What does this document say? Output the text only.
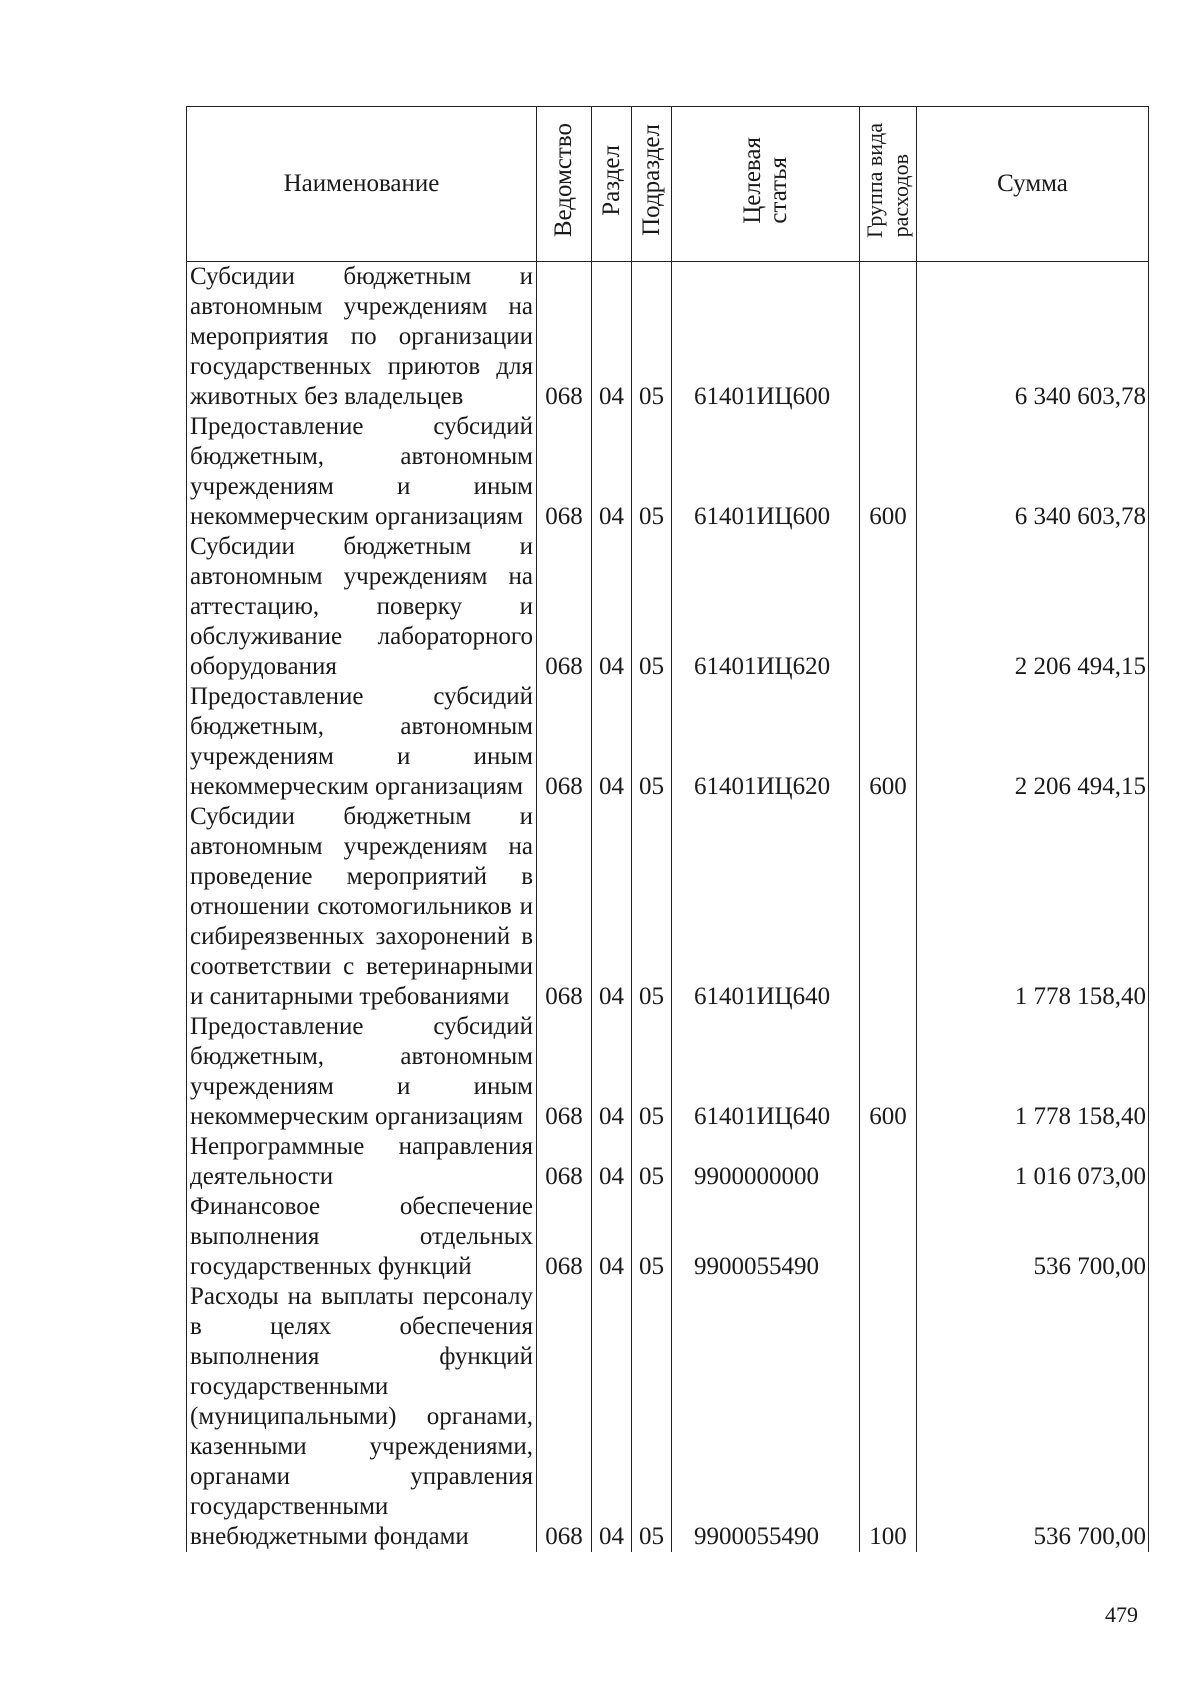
Наименование	Ведомство	Раздел	Подраздел	Целеваястатья	Группа видарасходов	Сумма
Субсидии бюджетным и автономным учреждениям на мероприятия по организации государственных приютов для животных без владельцев	068	04	05	61401ИЦ600		6 340 603,78
Предоставление субсидий бюджетным, автономным учреждениям и иным некоммерческим организациям	068	04	05	61401ИЦ600	600	6 340 603,78
Субсидии бюджетным и автономным учреждениям на аттестацию, поверку и обслуживание лабораторного оборудования	068	04	05	61401ИЦ620		2 206 494,15
Предоставление субсидий бюджетным, автономным учреждениям и иным некоммерческим организациям	068	04	05	61401ИЦ620	600	2 206 494,15
Субсидии бюджетным и автономным учреждениям на проведение мероприятий в отношении скотомогильников и сибиреязвенных захоронений в соответствии с ветеринарными и санитарными требованиями	068	04	05	61401ИЦ640		1 778 158,40
Предоставление субсидий бюджетным, автономным учреждениям и иным некоммерческим организациям	068	04	05	61401ИЦ640	600	1 778 158,40
Непрограммные направления деятельности	068	04	05	9900000000		1 016 073,00
Финансовое обеспечение выполнения отдельных государственных функций	068	04	05	9900055490		536 700,00
Расходы на выплаты персоналу в целях обеспечения выполнения функций государственными (муниципальными) органами, казенными учреждениями, органами управления государственными внебюджетными фондами	068	04	05	9900055490	100	536 700,00
479
